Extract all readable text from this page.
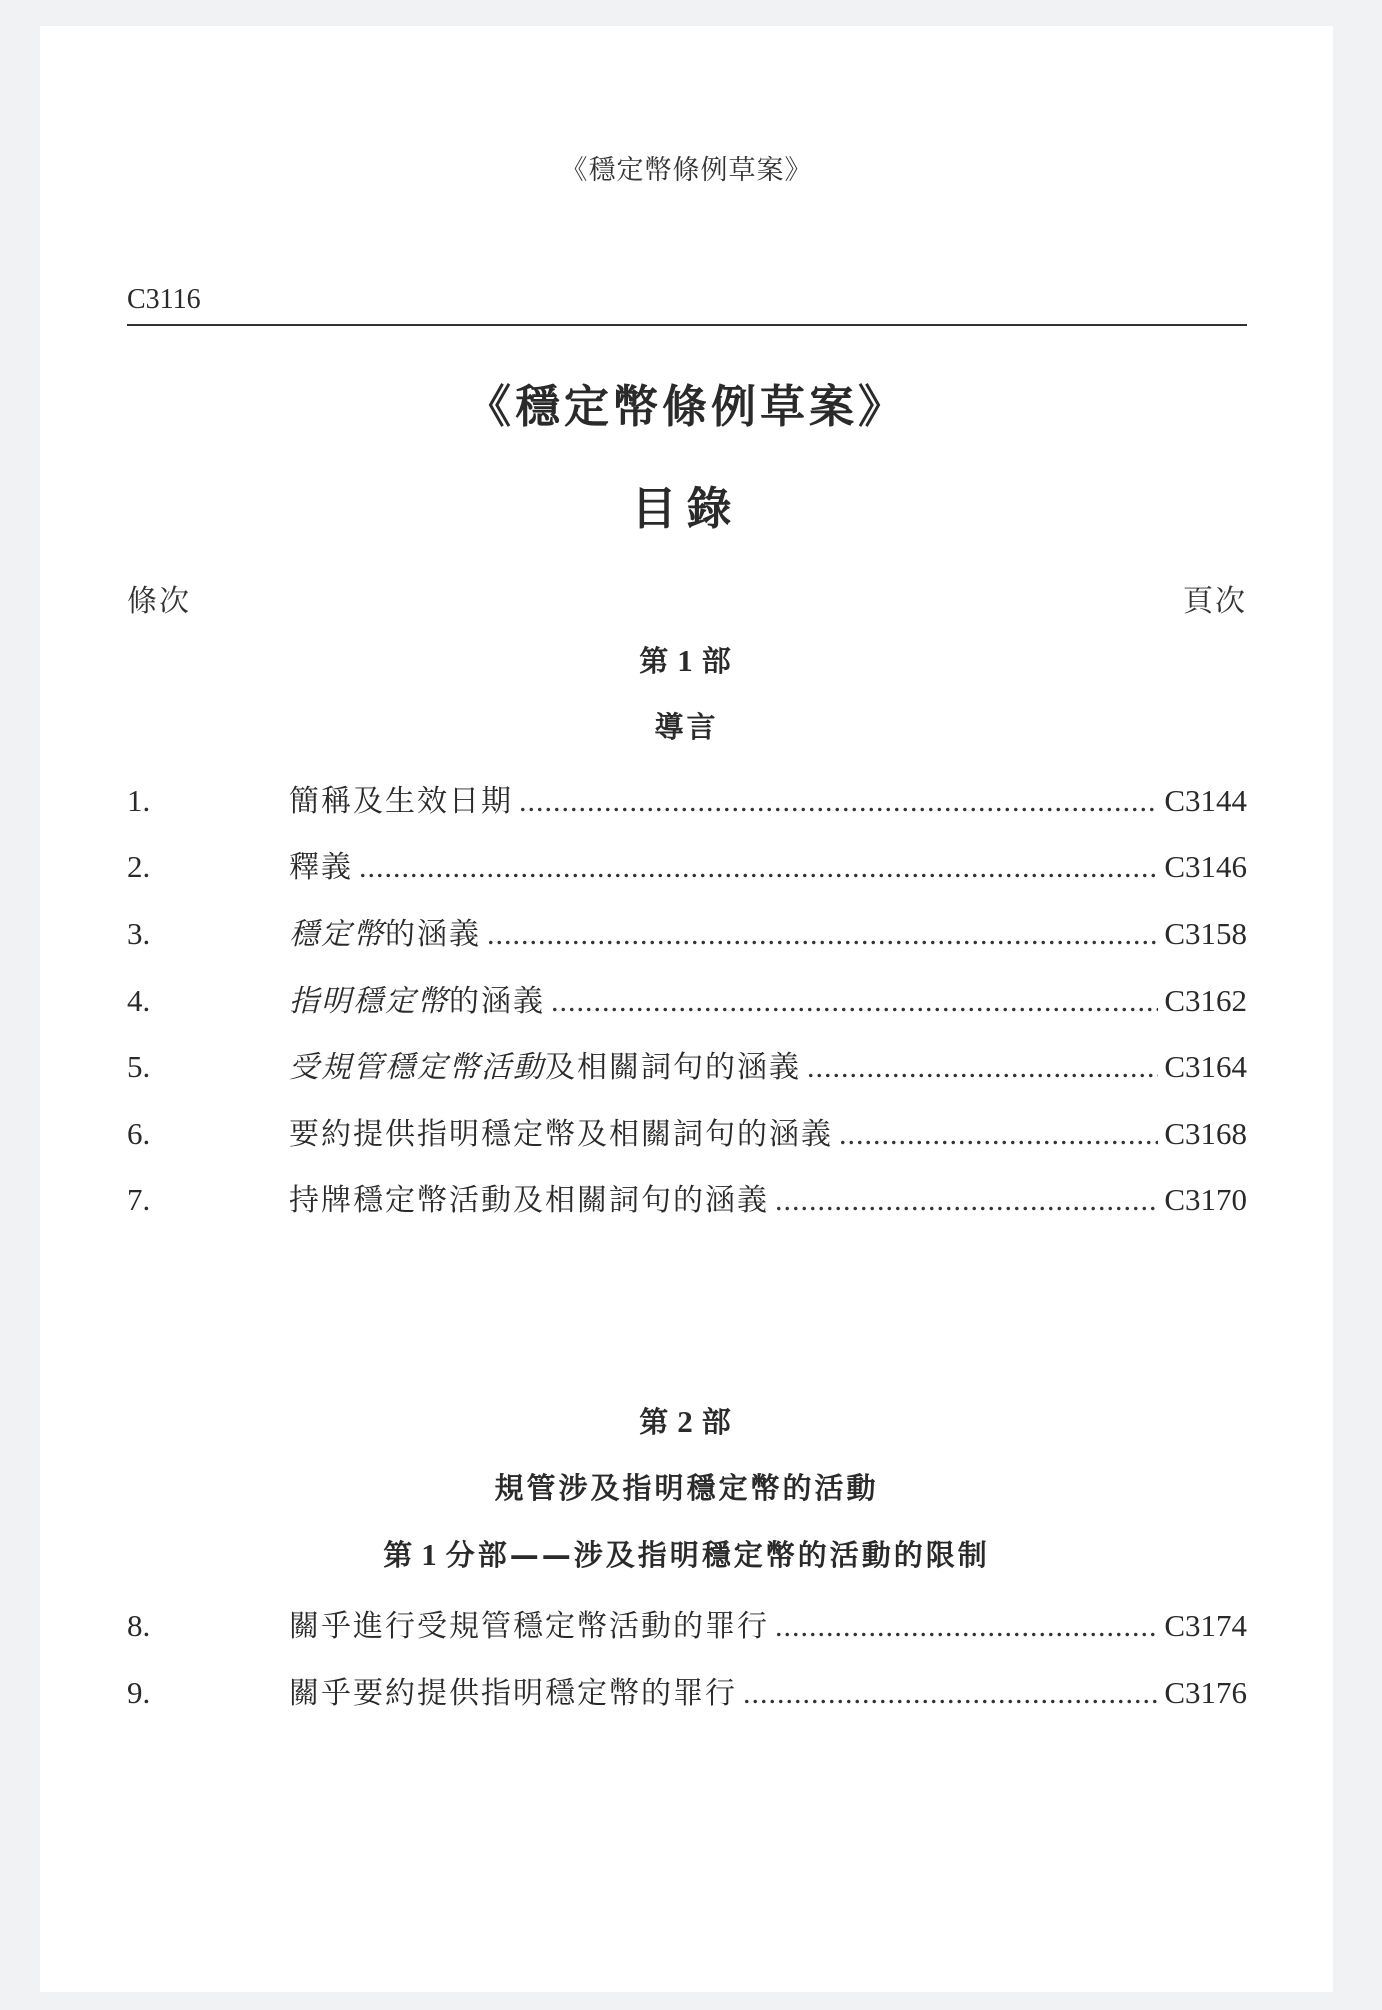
《穩定幣條例草案》
C3116
《穩定幣條例草案》
目錄
條次	頁次
第 1 部
導言
1.	簡稱及生效日期 .....	C3144
2.	釋義 .....	C3146
3.	穩定幣的涵義 .....	C3158
4.	指明穩定幣的涵義 .....	C3162
5.	受規管穩定幣活動及相關詞句的涵義 .....	C3164
6.	要約提供指明穩定幣及相關詞句的涵義 .....	C3168
7.	持牌穩定幣活動及相關詞句的涵義 .....	C3170
第 2 部
規管涉及指明穩定幣的活動
第 1 分部——涉及指明穩定幣的活動的限制
8.	關乎進行受規管穩定幣活動的罪行 .....	C3174
9.	關乎要約提供指明穩定幣的罪行 .....	C3176
